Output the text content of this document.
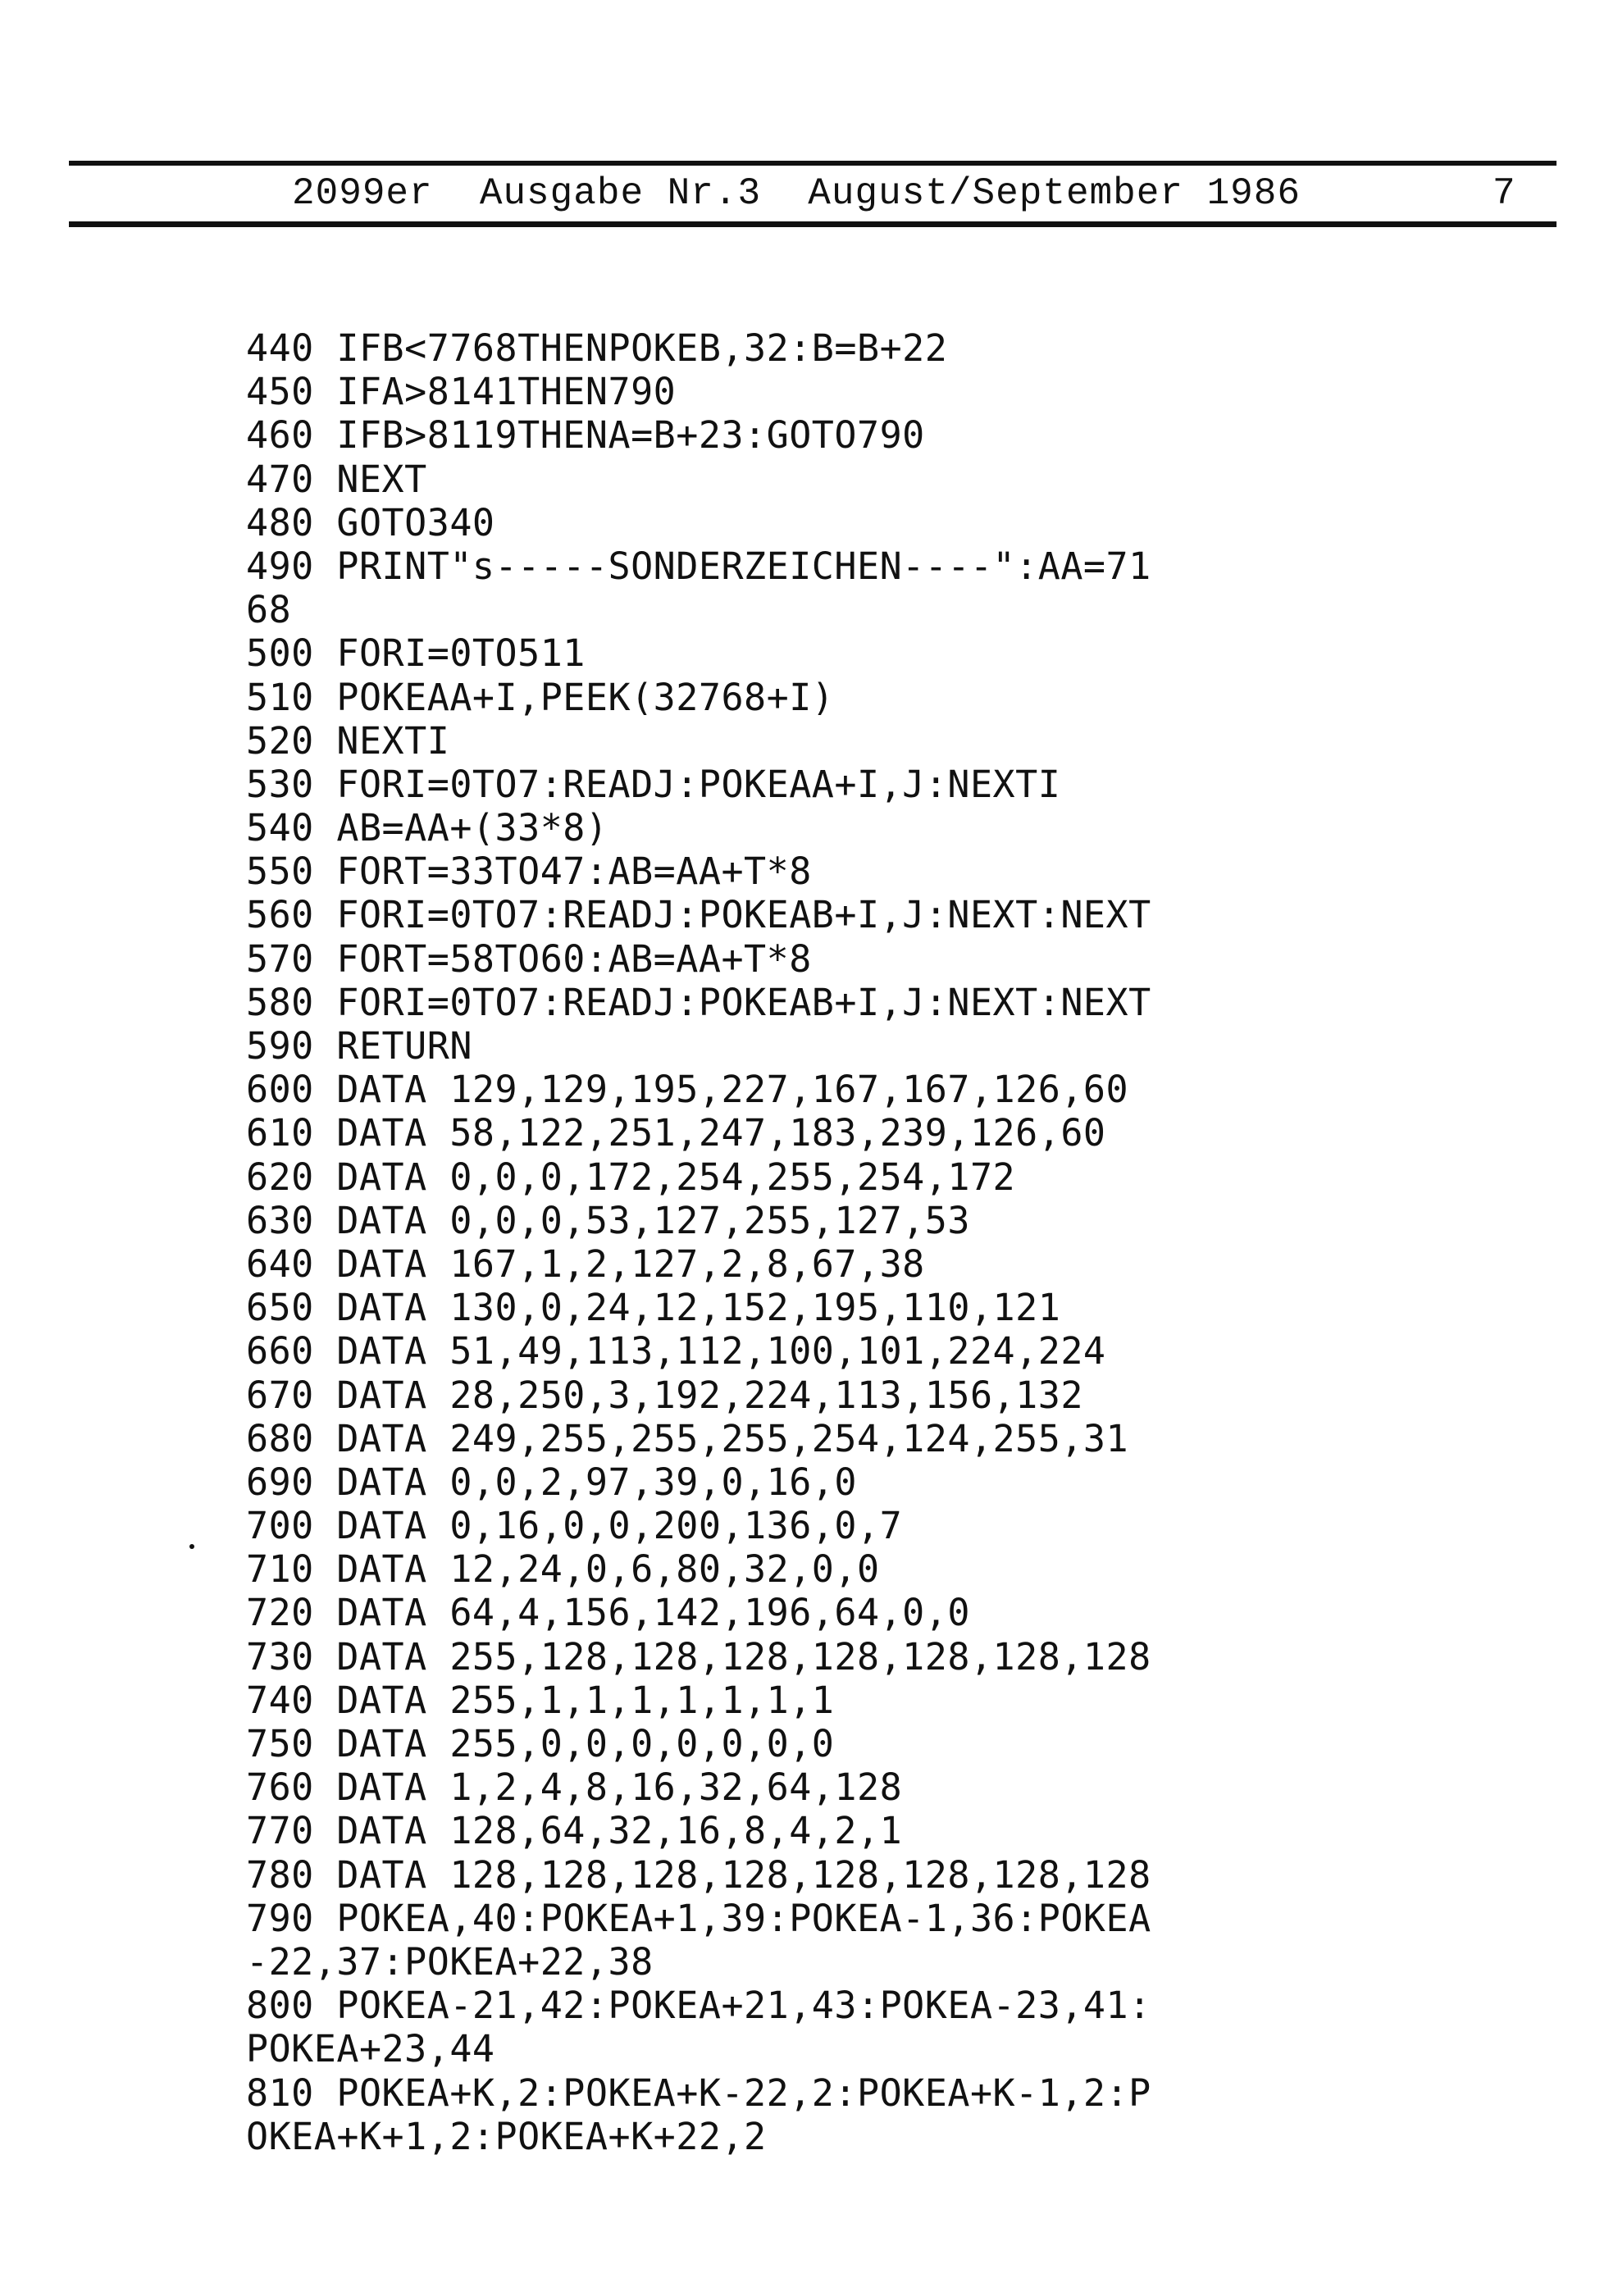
2099er  Ausgabe Nr.3  August/September 1986	7
440 IFB<7768THENPOKEB,32:B=B+22
450 IFA>8141THEN790
460 IFB>8119THENA=B+23:GOTO790
470 NEXT
480 GOTO340
490 PRINT"s-----SONDERZEICHEN----":AA=71
68
500 FORI=0TO511
510 POKEAA+I,PEEK(32768+I)
520 NEXTI
530 FORI=0TO7:READJ:POKEAA+I,J:NEXTI
540 AB=AA+(33*8)
550 FORT=33TO47:AB=AA+T*8
560 FORI=0TO7:READJ:POKEAB+I,J:NEXT:NEXT
570 FORT=58TO60:AB=AA+T*8
580 FORI=0TO7:READJ:POKEAB+I,J:NEXT:NEXT
590 RETURN
600 DATA 129,129,195,227,167,167,126,60
610 DATA 58,122,251,247,183,239,126,60
620 DATA 0,0,0,172,254,255,254,172
630 DATA 0,0,0,53,127,255,127,53
640 DATA 167,1,2,127,2,8,67,38
650 DATA 130,0,24,12,152,195,110,121
660 DATA 51,49,113,112,100,101,224,224
670 DATA 28,250,3,192,224,113,156,132
680 DATA 249,255,255,255,254,124,255,31
690 DATA 0,0,2,97,39,0,16,0
700 DATA 0,16,0,0,200,136,0,7
710 DATA 12,24,0,6,80,32,0,0
720 DATA 64,4,156,142,196,64,0,0
730 DATA 255,128,128,128,128,128,128,128
740 DATA 255,1,1,1,1,1,1,1
750 DATA 255,0,0,0,0,0,0,0
760 DATA 1,2,4,8,16,32,64,128
770 DATA 128,64,32,16,8,4,2,1
780 DATA 128,128,128,128,128,128,128,128
790 POKEA,40:POKEA+1,39:POKEA-1,36:POKEA
-22,37:POKEA+22,38
800 POKEA-21,42:POKEA+21,43:POKEA-23,41:
POKEA+23,44
810 POKEA+K,2:POKEA+K-22,2:POKEA+K-1,2:P
OKEA+K+1,2:POKEA+K+22,2
